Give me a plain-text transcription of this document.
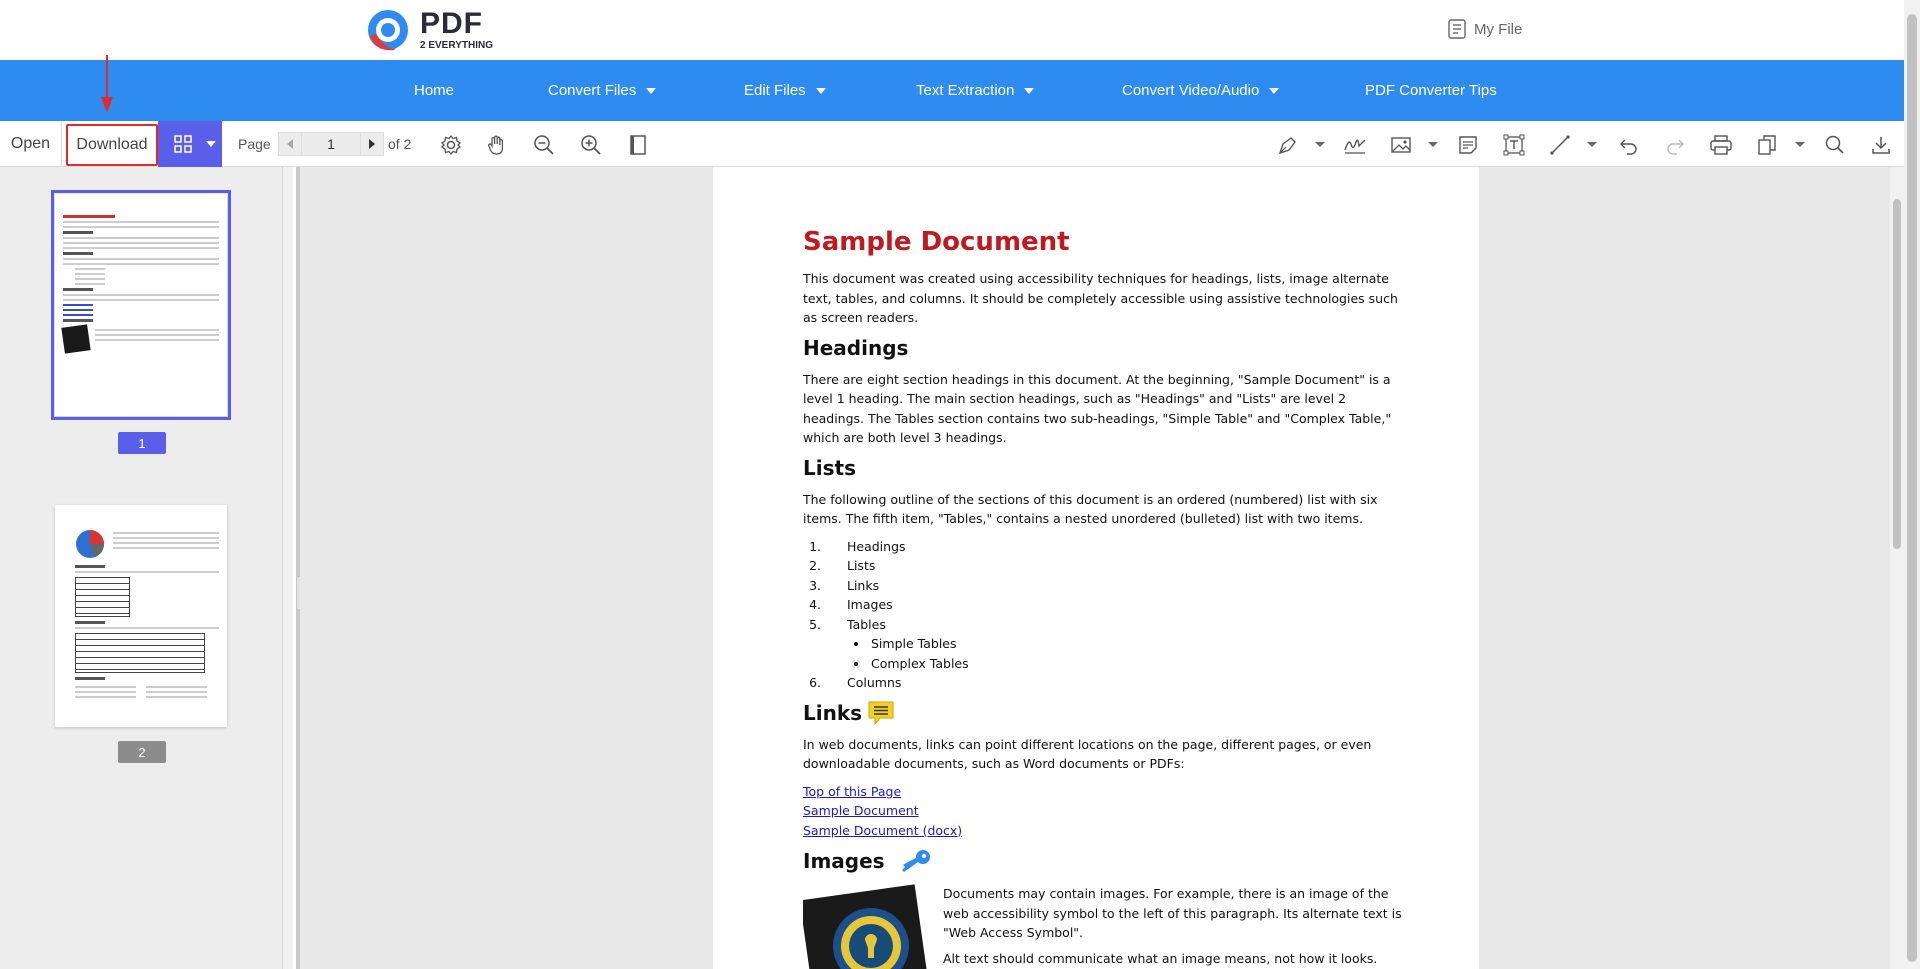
PDF
2 EVERYTHING
My File
Home	Convert Files	Edit Files	Text Extraction	Convert Video/Audio	PDF Converter Tips
Open	Download	Page	1	of 2
1
2
Sample Document

This document was created using accessibility techniques for headings, lists, image alternate text, tables, and columns. It should be completely accessible using assistive technologies such as screen readers.

Headings

There are eight section headings in this document. At the beginning, "Sample Document" is a level 1 heading. The main section headings, such as "Headings" and "Lists" are level 2 headings. The Tables section contains two sub-headings, "Simple Table" and "Complex Table," which are both level 3 headings.

Lists

The following outline of the sections of this document is an ordered (numbered) list with six items. The fifth item, "Tables," contains a nested unordered (bulleted) list with two items.

1. Headings
2. Lists
3. Links
4. Images
5. Tables
• Simple Tables
• Complex Tables
6. Columns
Links

In web documents, links can point different locations on the page, different pages, or even downloadable documents, such as Word documents or PDFs:

Top of this Page
Sample Document
Sample Document (docx)
Images

Documents may contain images. For example, there is an image of the web accessibility symbol to the left of this paragraph. Its alternate text is "Web Access Symbol".

Alt text should communicate what an image means, not how it looks.
